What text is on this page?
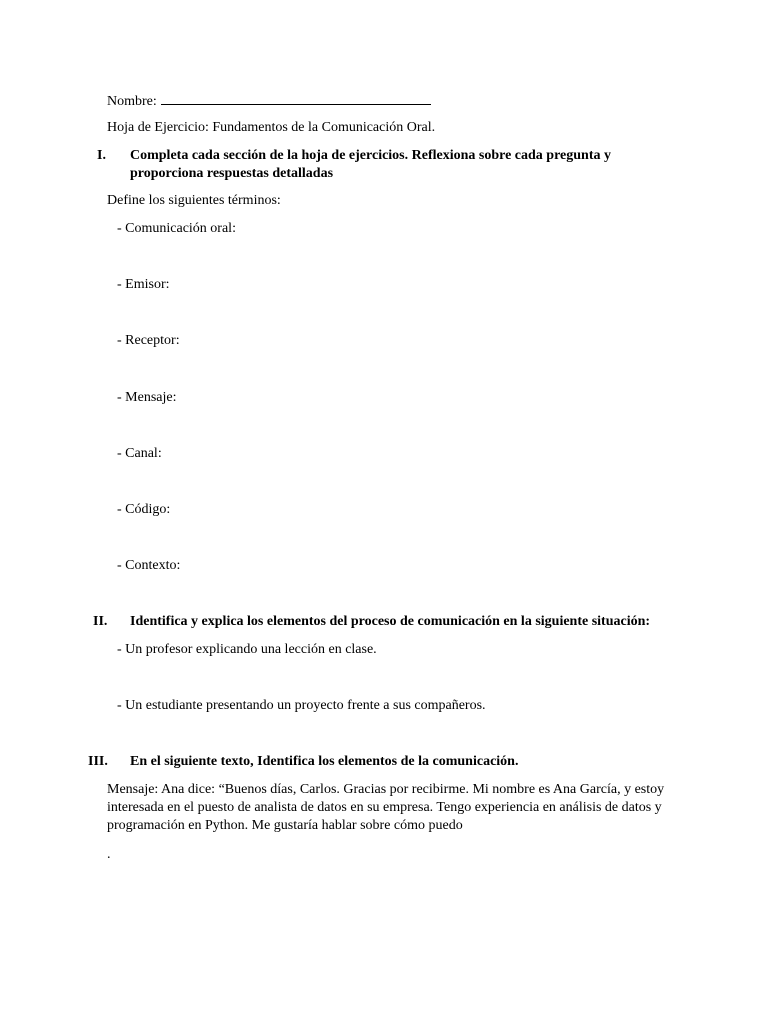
Nombre:
Hoja de Ejercicio: Fundamentos de la Comunicación Oral.
I. Completa cada sección de la hoja de ejercicios. Reflexiona sobre cada pregunta y proporciona respuestas detalladas
Define los siguientes términos:
- Comunicación oral:
- Emisor:
- Receptor:
- Mensaje:
- Canal:
- Código:
- Contexto:
II. Identifica y explica los elementos del proceso de comunicación en la siguiente situación:
- Un profesor explicando una lección en clase.
- Un estudiante presentando un proyecto frente a sus compañeros.
III. En el siguiente texto, Identifica los elementos de la comunicación.
Mensaje: Ana dice: “Buenos días, Carlos. Gracias por recibirme. Mi nombre es Ana García, y estoy interesada en el puesto de analista de datos en su empresa. Tengo experiencia en análisis de datos y programación en Python. Me gustaría hablar sobre cómo puedo
.
